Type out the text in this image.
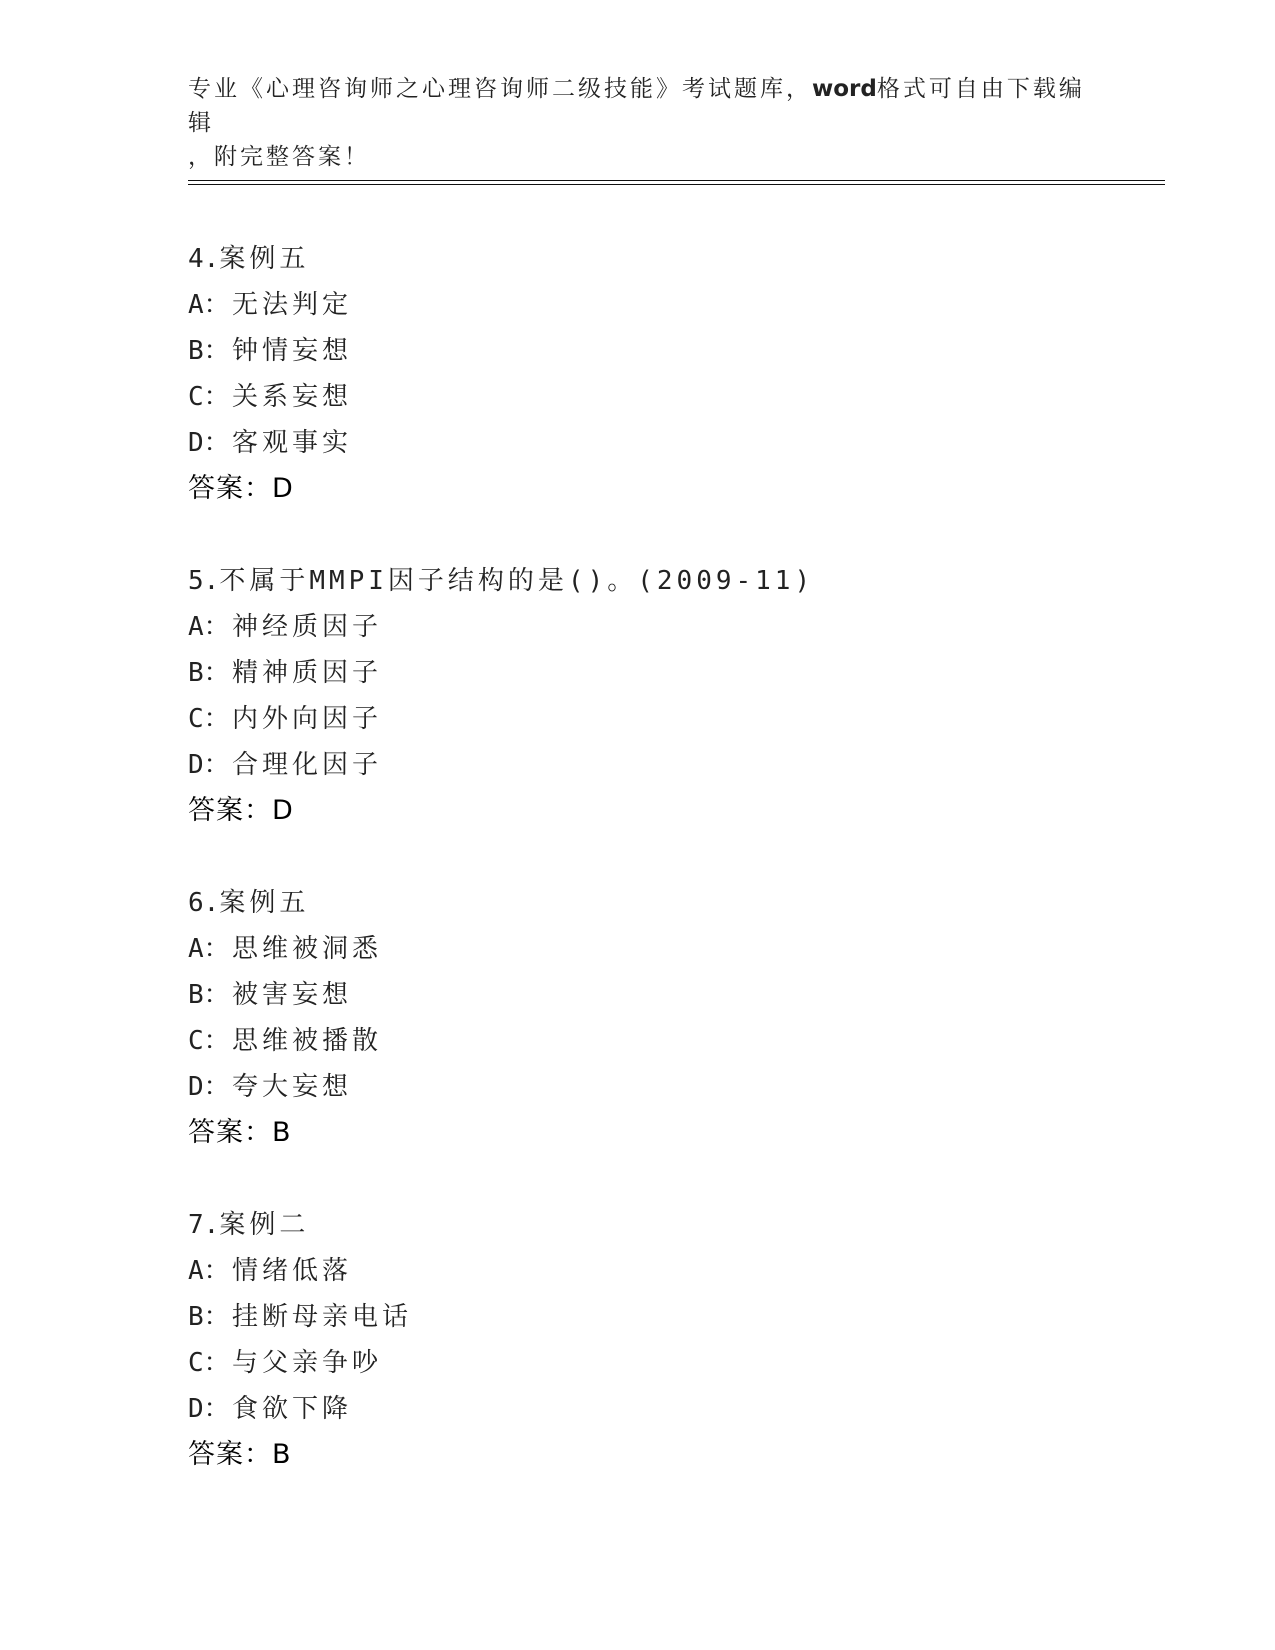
专业《心理咨询师之心理咨询师二级技能》考试题库，word格式可自由下载编辑
，附完整答案！
4.案例五
A：无法判定
B：钟情妄想
C：关系妄想
D：客观事实
答案：D
5.不属于MMPI因子结构的是()。(2009-11)
A：神经质因子
B：精神质因子
C：内外向因子
D：合理化因子
答案：D
6.案例五
A：思维被洞悉
B：被害妄想
C：思维被播散
D：夸大妄想
答案：B
7.案例二
A：情绪低落
B：挂断母亲电话
C：与父亲争吵
D：食欲下降
答案：B
